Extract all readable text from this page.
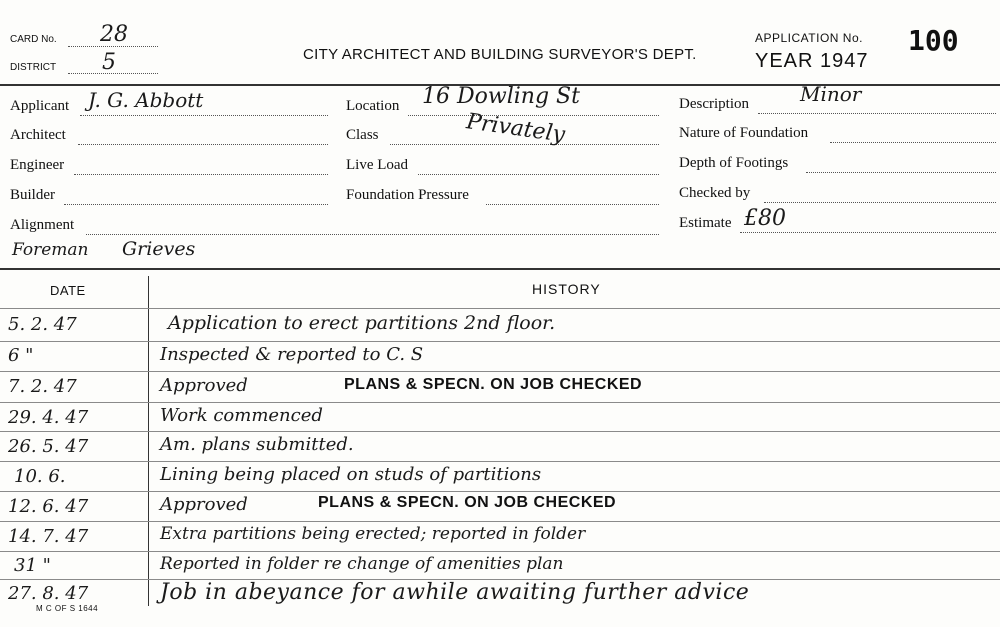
CARD No. 28
DISTRICT 5	CITY ARCHITECT AND BUILDING SURVEYOR'S DEPT.
APPLICATION No. 100
YEAR 1947
Applicant J. G. Abbott
Architect
Engineer
Builder
Alignment
Location 16 Dowling St
Class	Privately
Live Load
Foundation Pressure
Description	Minor
Nature of Foundation
Depth of Footings
Checked by
Estimate £80
Foreman Grieves
DATE	HISTORY
5. 2. 47	Application to erect partitions 2nd floor.
6 "	Inspected & reported to C. S
7. 2. 47	Approved	PLANS & SPECN. ON JOB CHECKED
29. 4. 47	Work commenced
26. 5. 47	Am. plans submitted.
10. 6.	Lining being placed on studs of partitions
12. 6. 47	Approved	PLANS & SPECN. ON JOB CHECKED
14. 7. 47	Extra partitions being erected; reported in folder
31 "	Reported in folder re change of amenities plan
27. 8. 47	Job in abeyance for awhile awaiting further advice
M C OF S 1644
